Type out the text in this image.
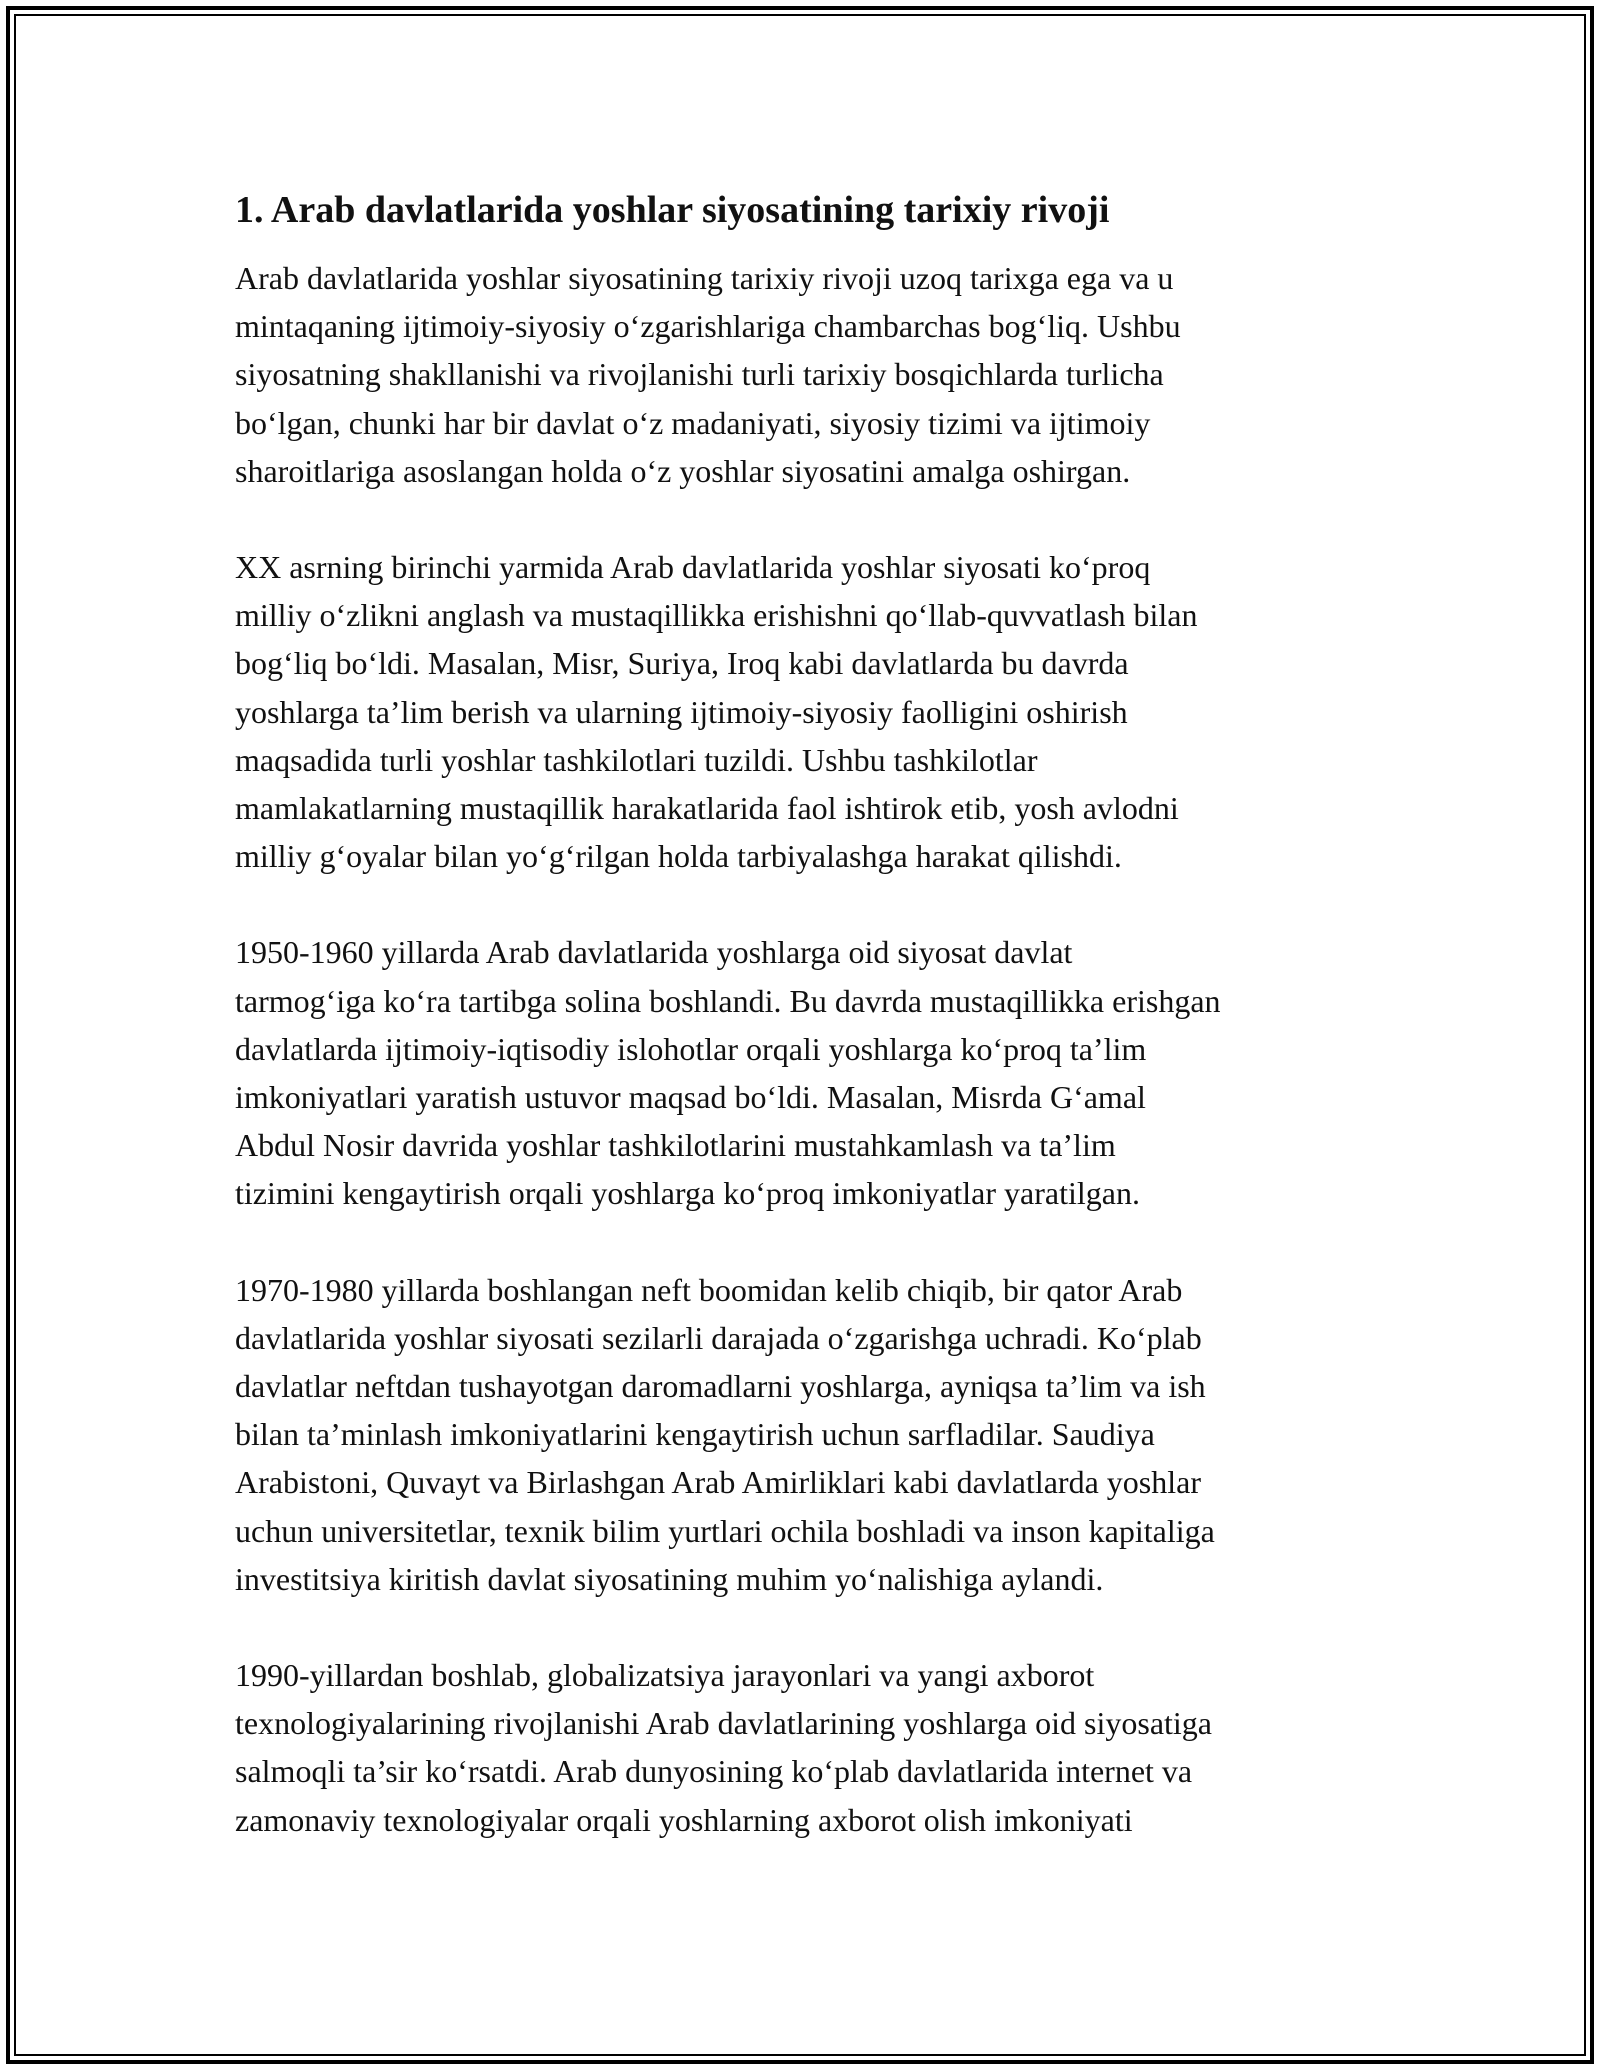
1. Arab davlatlarida yoshlar siyosatining tarixiy rivoji

Arab davlatlarida yoshlar siyosatining tarixiy rivoji uzoq tarixga ega va u
mintaqaning ijtimoiy-siyosiy o‘zgarishlariga chambarchas bog‘liq. Ushbu
siyosatning shakllanishi va rivojlanishi turli tarixiy bosqichlarda turlicha
bo‘lgan, chunki har bir davlat o‘z madaniyati, siyosiy tizimi va ijtimoiy
sharoitlariga asoslangan holda o‘z yoshlar siyosatini amalga oshirgan.

XX asrning birinchi yarmida Arab davlatlarida yoshlar siyosati ko‘proq
milliy o‘zlikni anglash va mustaqillikka erishishni qo‘llab-quvvatlash bilan
bog‘liq bo‘ldi. Masalan, Misr, Suriya, Iroq kabi davlatlarda bu davrda
yoshlarga ta’lim berish va ularning ijtimoiy-siyosiy faolligini oshirish
maqsadida turli yoshlar tashkilotlari tuzildi. Ushbu tashkilotlar
mamlakatlarning mustaqillik harakatlarida faol ishtirok etib, yosh avlodni
milliy g‘oyalar bilan yo‘g‘rilgan holda tarbiyalashga harakat qilishdi.

1950-1960 yillarda Arab davlatlarida yoshlarga oid siyosat davlat
tarmog‘iga ko‘ra tartibga solina boshlandi. Bu davrda mustaqillikka erishgan
davlatlarda ijtimoiy-iqtisodiy islohotlar orqali yoshlarga ko‘proq ta’lim
imkoniyatlari yaratish ustuvor maqsad bo‘ldi. Masalan, Misrda G‘amal
Abdul Nosir davrida yoshlar tashkilotlarini mustahkamlash va ta’lim
tizimini kengaytirish orqali yoshlarga ko‘proq imkoniyatlar yaratilgan.

1970-1980 yillarda boshlangan neft boomidan kelib chiqib, bir qator Arab
davlatlarida yoshlar siyosati sezilarli darajada o‘zgarishga uchradi. Ko‘plab
davlatlar neftdan tushayotgan daromadlarni yoshlarga, ayniqsa ta’lim va ish
bilan ta’minlash imkoniyatlarini kengaytirish uchun sarfladilar. Saudiya
Arabistoni, Quvayt va Birlashgan Arab Amirliklari kabi davlatlarda yoshlar
uchun universitetlar, texnik bilim yurtlari ochila boshladi va inson kapitaliga
investitsiya kiritish davlat siyosatining muhim yo‘nalishiga aylandi.

1990-yillardan boshlab, globalizatsiya jarayonlari va yangi axborot
texnologiyalarining rivojlanishi Arab davlatlarining yoshlarga oid siyosatiga
salmoqli ta’sir ko‘rsatdi. Arab dunyosining ko‘plab davlatlarida internet va
zamonaviy texnologiyalar orqali yoshlarning axborot olish imkoniyati
